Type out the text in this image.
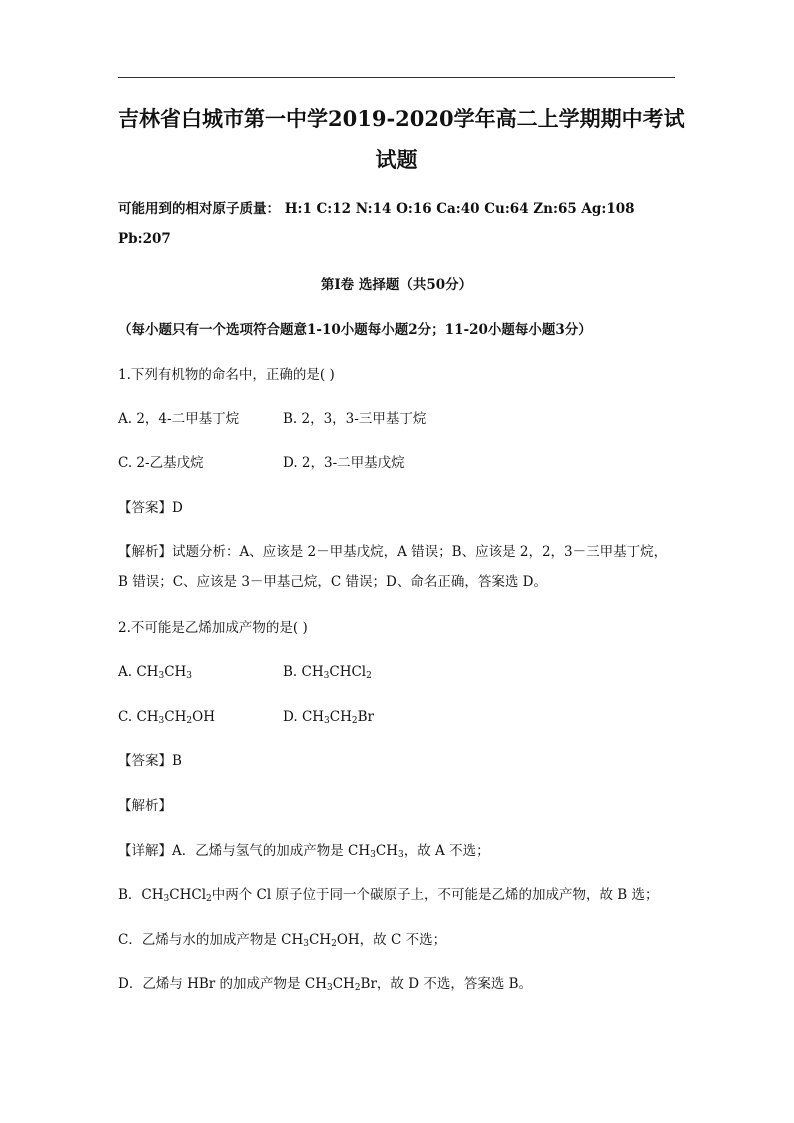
吉林省白城市第一中学2019-2020学年高二上学期期中考试
试题
可能用到的相对原子质量： H:1 C:12 N:14 O:16 Ca:40 Cu:64 Zn:65 Ag:108
Pb:207
第Ⅰ卷 选择题（共50分）
（每小题只有一个选项符合题意1-10小题每小题2分；11-20小题每小题3分）
1.下列有机物的命名中，正确的是( )
A. 2，4-二甲基丁烷	B. 2，3，3-三甲基丁烷
C. 2-乙基戊烷	D. 2，3-二甲基戊烷
【答案】D
【解析】试题分析：A、应该是 2－甲基戊烷，A 错误；B、应该是 2，2，3－三甲基丁烷，
B 错误；C、应该是 3－甲基己烷，C 错误；D、命名正确，答案选 D。
2.不可能是乙烯加成产物的是( )
A. $CH_3CH_3$	B. $CH_3CHCl_2$
C. $CH_3CH_2OH$	D. $CH_3CH_2Br$
【答案】B
【解析】
【详解】A．乙烯与氢气的加成产物是 $CH_3CH_3$，故 A 不选；
B．$CH_3CHCl_2$中两个 Cl 原子位于同一个碳原子上，不可能是乙烯的加成产物，故 B 选；
C．乙烯与水的加成产物是 $CH_3CH_2OH$，故 C 不选；
D．乙烯与 HBr 的加成产物是 $CH_3CH_2Br$，故 D 不选，答案选 B。
